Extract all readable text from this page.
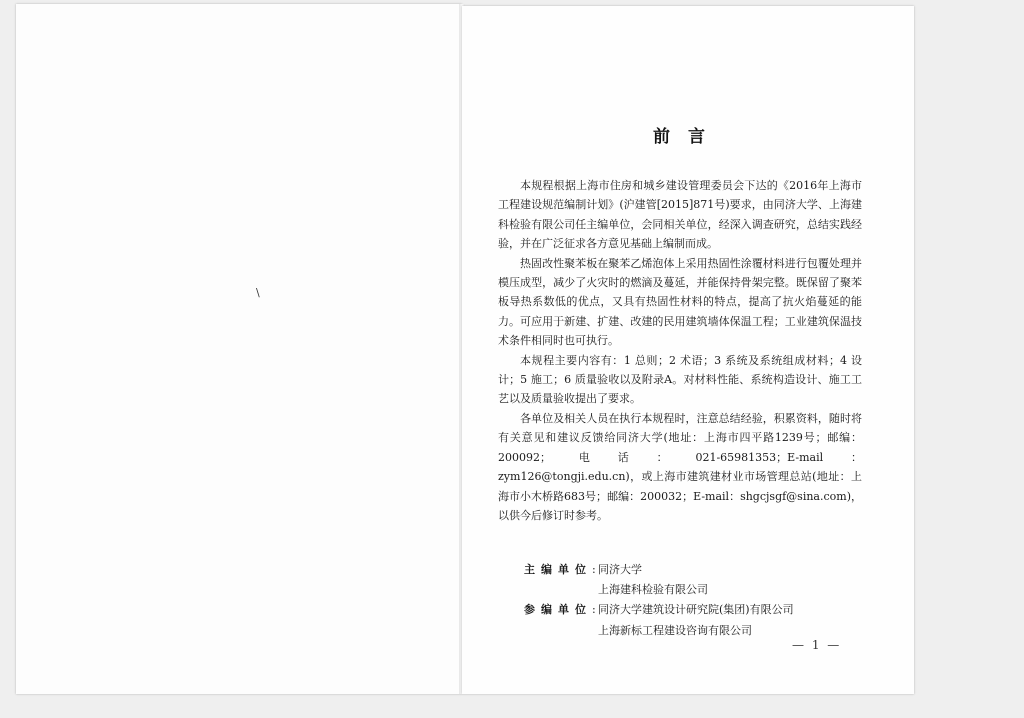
\
前言

本规程根据上海市住房和城乡建设管理委员会下达的《2016年上海市工程建设规范编制计划》(沪建管[2015]871号)要求，由同济大学、上海建科检验有限公司任主编单位，会同相关单位，经深入调查研究，总结实践经验，并在广泛征求各方意见基础上编制而成。

热固改性聚苯板在聚苯乙烯泡体上采用热固性涂覆材料进行包覆处理并模压成型，减少了火灾时的燃滴及蔓延，并能保持骨架完整。既保留了聚苯板导热系数低的优点，又具有热固性材料的特点，提高了抗火焰蔓延的能力。可应用于新建、扩建、改建的民用建筑墙体保温工程；工业建筑保温技术条件相同时也可执行。

本规程主要内容有：1 总则；2 术语；3 系统及系统组成材料；4 设计；5 施工；6 质量验收以及附录A。对材料性能、系统构造设计、施工工艺以及质量验收提出了要求。

各单位及相关人员在执行本规程时，注意总结经验，积累资料，随时将有关意见和建议反馈给同济大学(地址：上海市四平路1239号；邮编：200092；电话：021-65981353；E-mail：zym126@tongji.edu.cn)，或上海市建筑建材业市场管理总站(地址：上海市小木桥路683号；邮编：200032；E-mail：shgcjsgf@sina.com)，以供今后修订时参考。

主编单位: 同济大学
上海建科检验有限公司
参编单位: 同济大学建筑设计研究院(集团)有限公司
上海新标工程建设咨询有限公司
— 1 —
